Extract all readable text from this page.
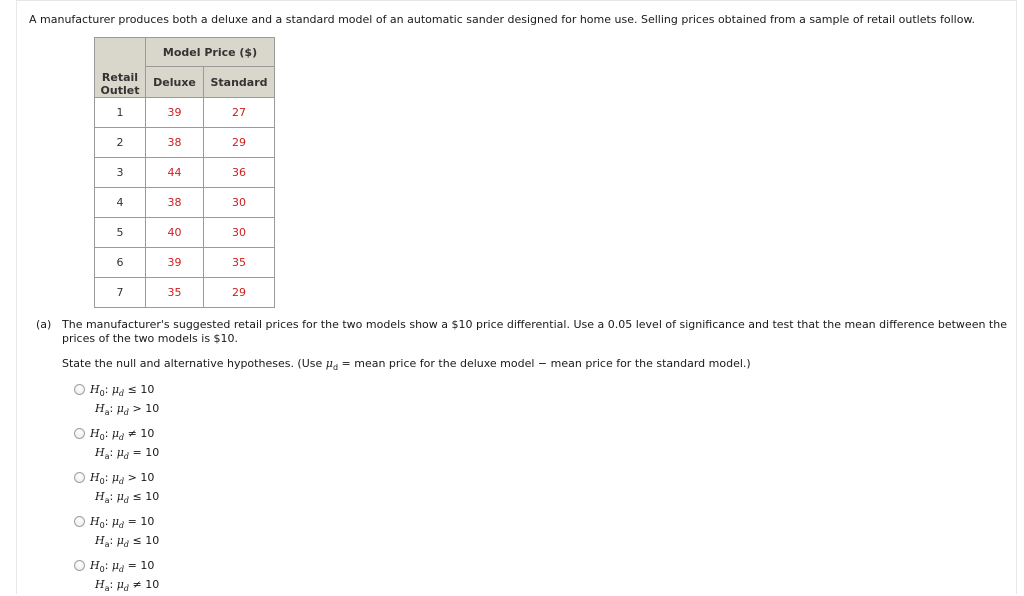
A manufacturer produces both a deluxe and a standard model of an automatic sander designed for home use. Selling prices obtained from a sample of retail outlets follow.
Retail
Outlet	Model Price ($)	
	Deluxe	Standard
1	39	27
2	38	29
3	44	36
4	38	30
5	40	30
6	39	35
7	35	29
(a) The manufacturer's suggested retail prices for the two models show a $10 price differential. Use a 0.05 level of significance and test that the mean difference between the prices of the two models is $10.
State the null and alternative hypotheses. (Use $\mu_d$ = mean price for the deluxe model − mean price for the standard model.)
$H_0$: $\mu_d \le 10$
$H_a$: $\mu_d > 10$
$H_0$: $\mu_d \ne 10$
$H_a$: $\mu_d = 10$
$H_0$: $\mu_d > 10$
$H_a$: $\mu_d \le 10$
$H_0$: $\mu_d = 10$
$H_a$: $\mu_d \le 10$
$H_0$: $\mu_d = 10$
$H_a$: $\mu_d \ne 10$
